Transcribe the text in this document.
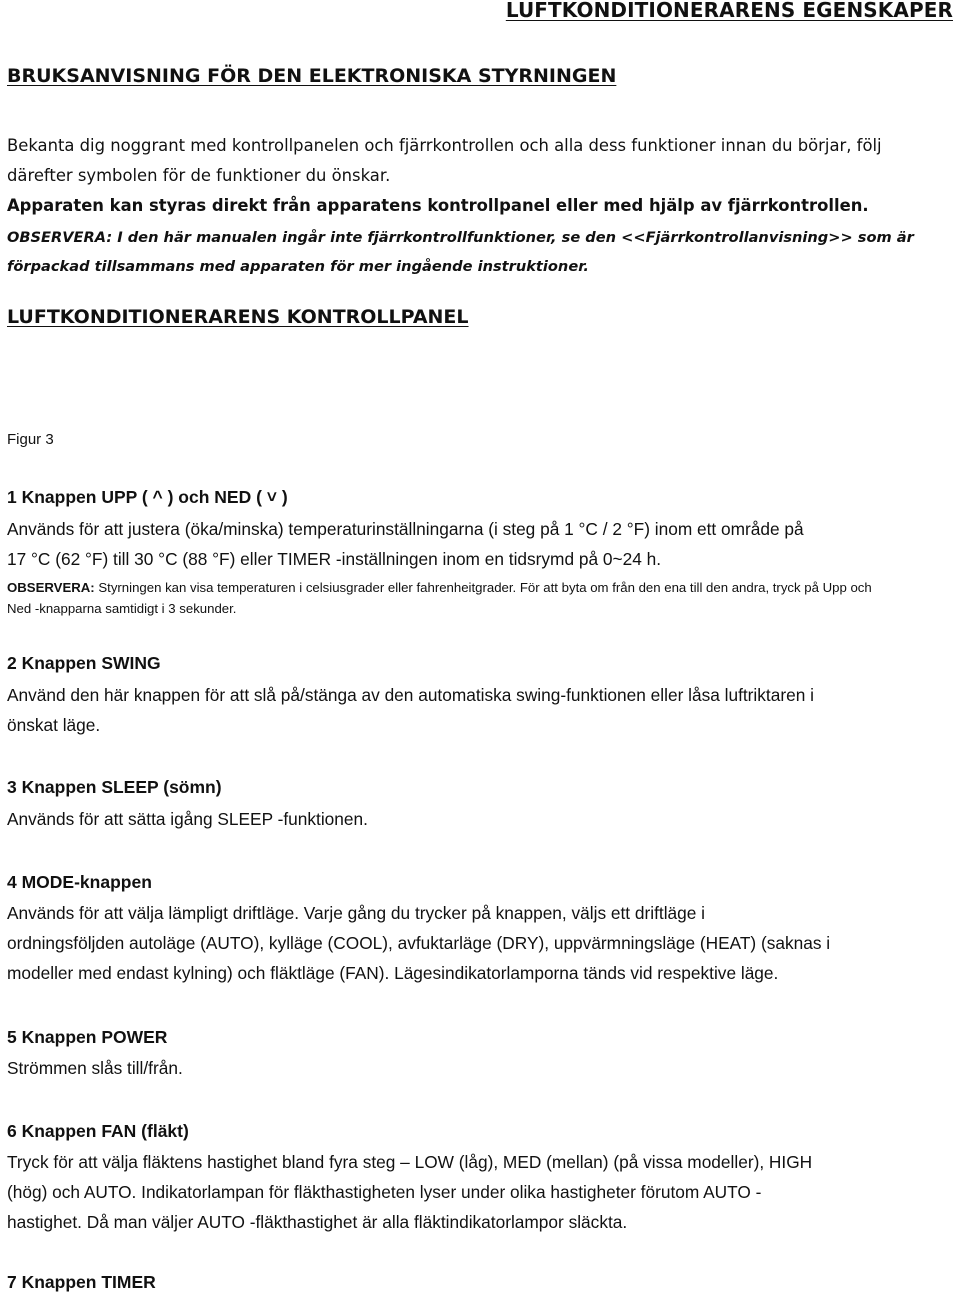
LUFTKONDITIONERARENS EGENSKAPER
BRUKSANVISNING FÖR DEN ELEKTRONISKA STYRNINGEN

Bekanta dig noggrant med kontrollpanelen och fjärrkontrollen och alla dess funktioner innan du börjar, följ
därefter symbolen för de funktioner du önskar.
Apparaten kan styras direkt från apparatens kontrollpanel eller med hjälp av fjärrkontrollen.

OBSERVERA: I den här manualen ingår inte fjärrkontrollfunktioner, se den <<Fjärrkontrollanvisning>> som är
förpackad tillsammans med apparaten för mer ingående instruktioner.

LUFTKONDITIONERARENS KONTROLLPANEL
Figur 3
1 Knappen UPP ( ^ ) och NED ( ˅ )
Används för att justera (öka/minska) temperaturinställningarna (i steg på 1 °C / 2 °F) inom ett område på
17 °C (62 °F) till 30 °C (88 °F) eller TIMER -inställningen inom en tidsrymd på 0~24 h.
OBSERVERA: Styrningen kan visa temperaturen i celsiusgrader eller fahrenheitgrader. För att byta om från den ena till den andra, tryck på Upp och
Ned -knapparna samtidigt i 3 sekunder.
2 Knappen SWING
Använd den här knappen för att slå på/stänga av den automatiska swing-funktionen eller låsa luftriktaren i
önskat läge.
3 Knappen SLEEP (sömn)
Används för att sätta igång SLEEP -funktionen.
4 MODE-knappen
Används för att välja lämpligt driftläge. Varje gång du trycker på knappen, väljs ett driftläge i
ordningsföljden autoläge (AUTO), kylläge (COOL), avfuktarläge (DRY), uppvärmningsläge (HEAT) (saknas i
modeller med endast kylning) och fläktläge (FAN). Lägesindikatorlamporna tänds vid respektive läge.
5 Knappen POWER
Strömmen slås till/från.
6 Knappen FAN (fläkt)
Tryck för att välja fläktens hastighet bland fyra steg – LOW (låg), MED (mellan) (på vissa modeller), HIGH
(hög) och AUTO. Indikatorlampan för fläkthastigheten lyser under olika hastigheter förutom AUTO -
hastighet. Då man väljer AUTO -fläkthastighet är alla fläktindikatorlampor släckta.
7 Knappen TIMER
